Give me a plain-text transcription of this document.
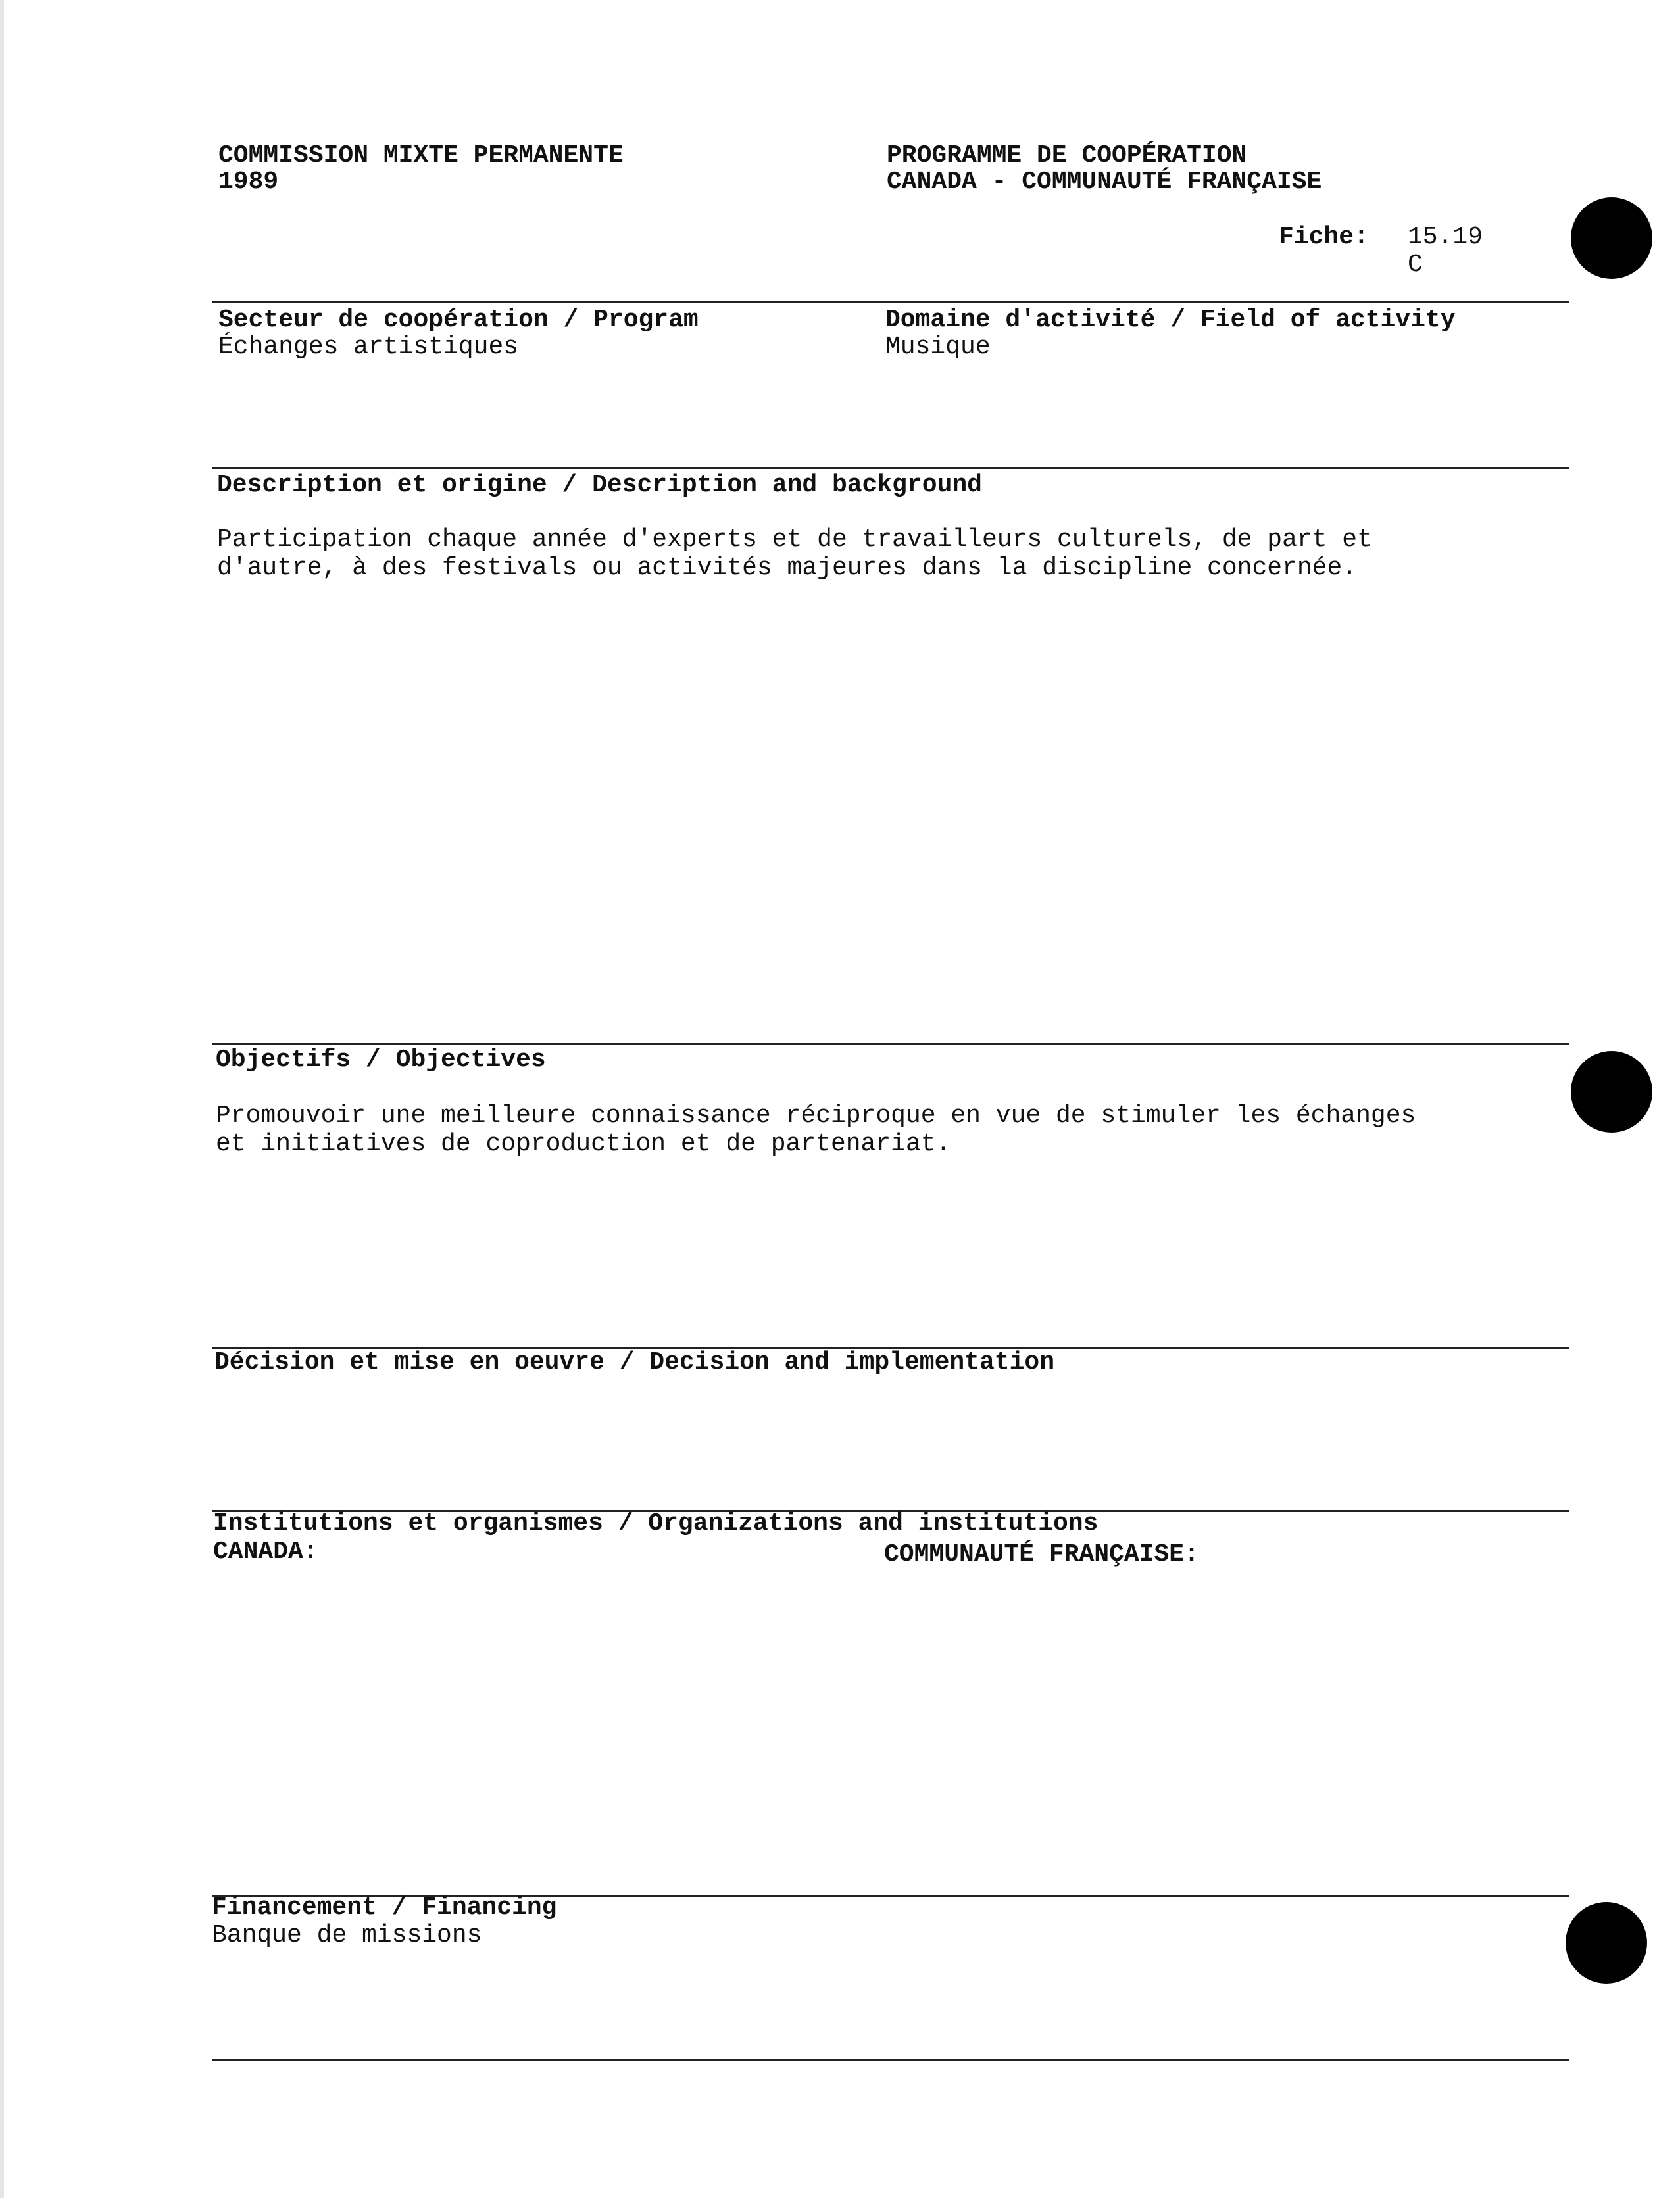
COMMISSION MIXTE PERMANENTE
1989
PROGRAMME DE COOPÉRATION
CANADA - COMMUNAUTÉ FRANÇAISE
Fiche: 15.19
C
Secteur de coopération / Program
Échanges artistiques
Domaine d'activité / Field of activity
Musique
Description et origine / Description and background
Participation chaque année d'experts et de travailleurs culturels, de part et
d'autre, à des festivals ou activités majeures dans la discipline concernée.
Objectifs / Objectives
Promouvoir une meilleure connaissance réciproque en vue de stimuler les échanges
et initiatives de coproduction et de partenariat.
Décision et mise en oeuvre / Decision and implementation
Institutions et organismes / Organizations and institutions
CANADA:	COMMUNAUTÉ FRANÇAISE:
Financement / Financing
Banque de missions
